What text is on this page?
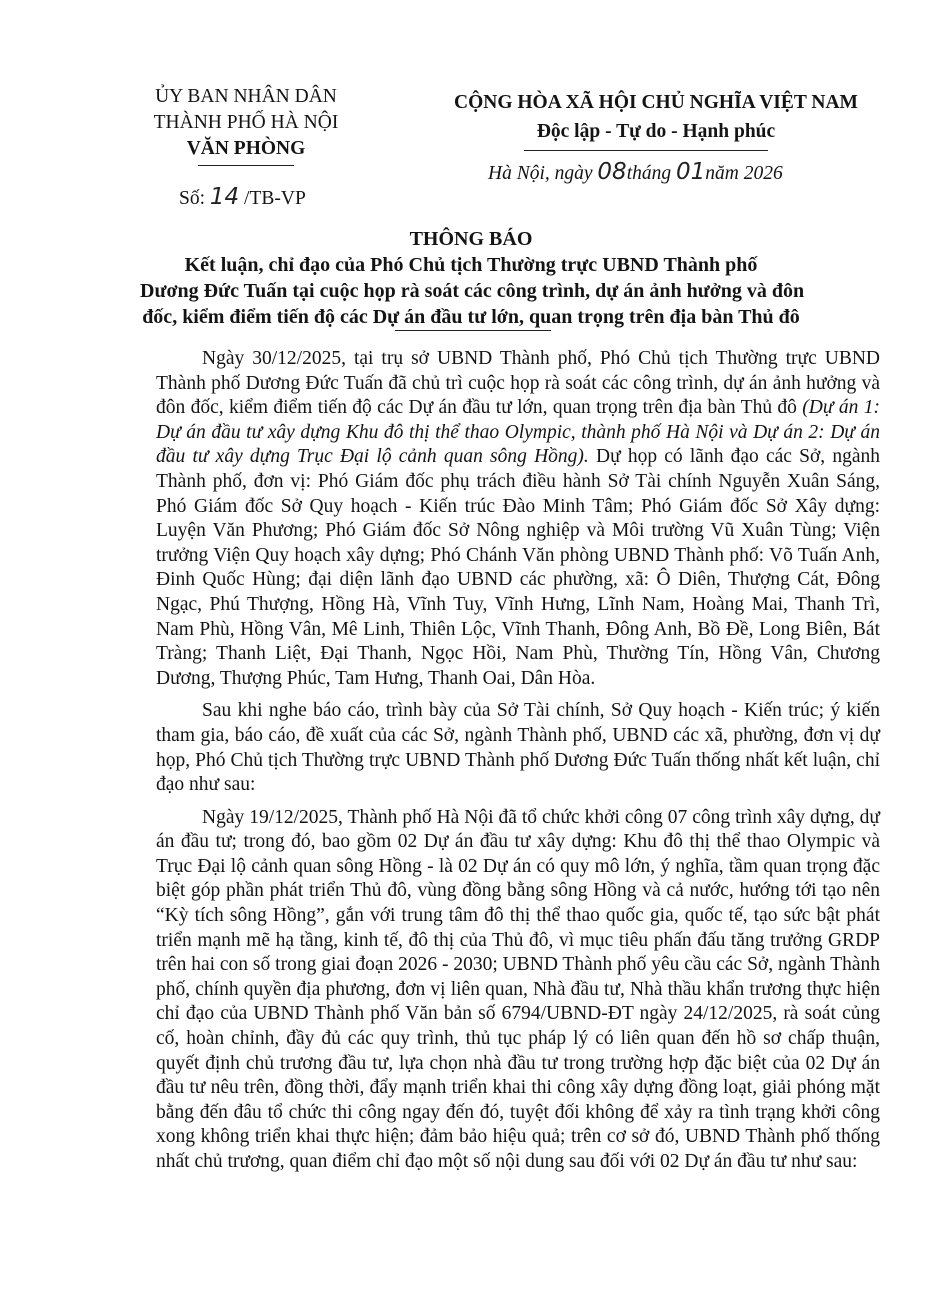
ỦY BAN NHÂN DÂN
THÀNH PHỐ HÀ NỘI
VĂN PHÒNG
Số: 14 /TB-VP
CỘNG HÒA XÃ HỘI CHỦ NGHĨA VIỆT NAM
Độc lập - Tự do - Hạnh phúc
Hà Nội, ngày 08tháng 01năm 2026
THÔNG BÁO
Kết luận, chỉ đạo của Phó Chủ tịch Thường trực UBND Thành phố
Dương Đức Tuấn tại cuộc họp rà soát các công trình, dự án ảnh hưởng và đôn
đốc, kiểm điểm tiến độ các Dự án đầu tư lớn, quan trọng trên địa bàn Thủ đô

Ngày 30/12/2025, tại trụ sở UBND Thành phố, Phó Chủ tịch Thường trực UBND Thành phố Dương Đức Tuấn đã chủ trì cuộc họp rà soát các công trình, dự án ảnh hưởng và đôn đốc, kiểm điểm tiến độ các Dự án đầu tư lớn, quan trọng trên địa bàn Thủ đô (Dự án 1: Dự án đầu tư xây dựng Khu đô thị thể thao Olympic, thành phố Hà Nội và Dự án 2: Dự án đầu tư xây dựng Trục Đại lộ cảnh quan sông Hồng). Dự họp có lãnh đạo các Sở, ngành Thành phố, đơn vị: Phó Giám đốc phụ trách điều hành Sở Tài chính Nguyễn Xuân Sáng, Phó Giám đốc Sở Quy hoạch - Kiến trúc Đào Minh Tâm; Phó Giám đốc Sở Xây dựng: Luyện Văn Phương; Phó Giám đốc Sở Nông nghiệp và Môi trường Vũ Xuân Tùng; Viện trưởng Viện Quy hoạch xây dựng; Phó Chánh Văn phòng UBND Thành phố: Võ Tuấn Anh, Đinh Quốc Hùng; đại diện lãnh đạo UBND các phường, xã: Ô Diên, Thượng Cát, Đông Ngạc, Phú Thượng, Hồng Hà, Vĩnh Tuy, Vĩnh Hưng, Lĩnh Nam, Hoàng Mai, Thanh Trì, Nam Phù, Hồng Vân, Mê Linh, Thiên Lộc, Vĩnh Thanh, Đông Anh, Bồ Đề, Long Biên, Bát Tràng; Thanh Liệt, Đại Thanh, Ngọc Hồi, Nam Phù, Thường Tín, Hồng Vân, Chương Dương, Thượng Phúc, Tam Hưng, Thanh Oai, Dân Hòa.

Sau khi nghe báo cáo, trình bày của Sở Tài chính, Sở Quy hoạch - Kiến trúc; ý kiến tham gia, báo cáo, đề xuất của các Sở, ngành Thành phố, UBND các xã, phường, đơn vị dự họp, Phó Chủ tịch Thường trực UBND Thành phố Dương Đức Tuấn thống nhất kết luận, chỉ đạo như sau:

Ngày 19/12/2025, Thành phố Hà Nội đã tổ chức khởi công 07 công trình xây dựng, dự án đầu tư; trong đó, bao gồm 02 Dự án đầu tư xây dựng: Khu đô thị thể thao Olympic và Trục Đại lộ cảnh quan sông Hồng - là 02 Dự án có quy mô lớn, ý nghĩa, tầm quan trọng đặc biệt góp phần phát triển Thủ đô, vùng đồng bằng sông Hồng và cả nước, hướng tới tạo nên “Kỳ tích sông Hồng”, gắn với trung tâm đô thị thể thao quốc gia, quốc tế, tạo sức bật phát triển mạnh mẽ hạ tầng, kinh tế, đô thị của Thủ đô, vì mục tiêu phấn đấu tăng trưởng GRDP trên hai con số trong giai đoạn 2026 - 2030; UBND Thành phố yêu cầu các Sở, ngành Thành phố, chính quyền địa phương, đơn vị liên quan, Nhà đầu tư, Nhà thầu khẩn trương thực hiện chỉ đạo của UBND Thành phố Văn bản số 6794/UBND-ĐT ngày 24/12/2025, rà soát củng cố, hoàn chỉnh, đầy đủ các quy trình, thủ tục pháp lý có liên quan đến hồ sơ chấp thuận, quyết định chủ trương đầu tư, lựa chọn nhà đầu tư trong trường hợp đặc biệt của 02 Dự án đầu tư nêu trên, đồng thời, đẩy mạnh triển khai thi công xây dựng đồng loạt, giải phóng mặt bằng đến đâu tổ chức thi công ngay đến đó, tuyệt đối không để xảy ra tình trạng khởi công xong không triển khai thực hiện; đảm bảo hiệu quả; trên cơ sở đó, UBND Thành phố thống nhất chủ trương, quan điểm chỉ đạo một số nội dung sau đối với 02 Dự án đầu tư như sau:
